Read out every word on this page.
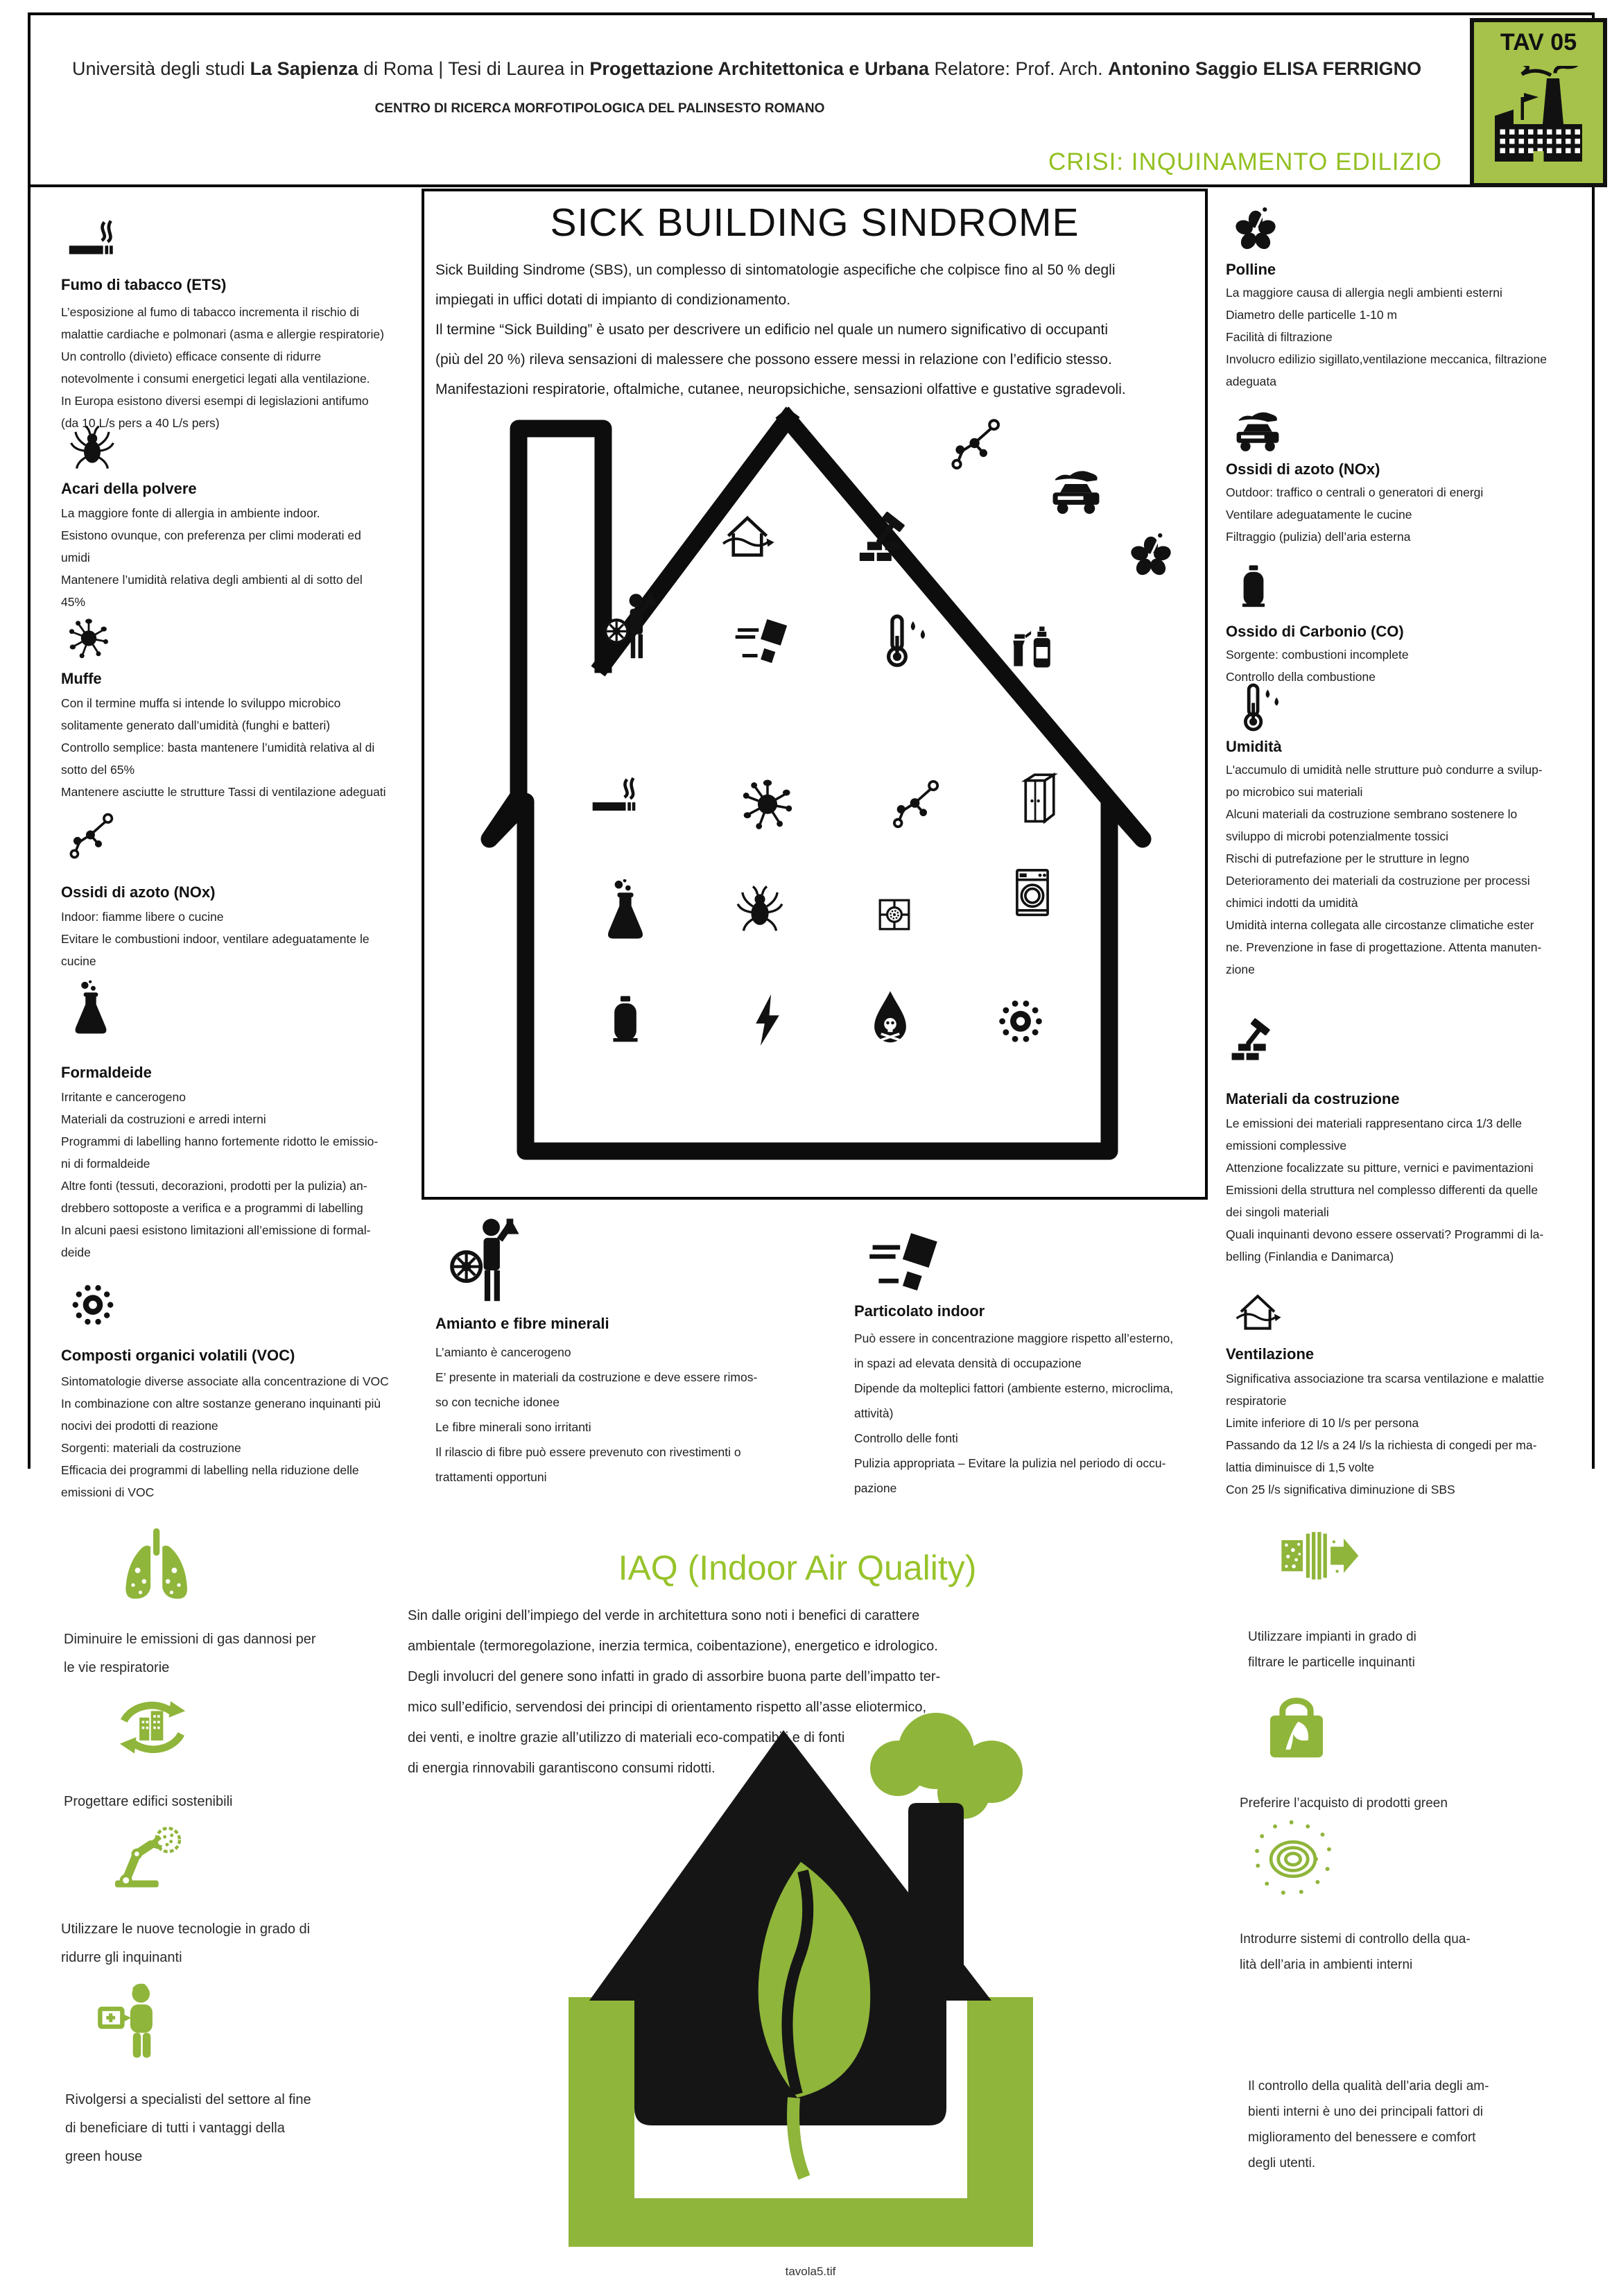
Università degli studi La Sapienza di Roma | Tesi di Laurea in Progettazione Architettonica e Urbana Relatore: Prof. Arch. Antonino Saggio ELISA FERRIGNO
CENTRO DI RICERCA MORFOTIPOLOGICA DEL PALINSESTO ROMANO
CRISI: INQUINAMENTO EDILIZIO
TAV 05
SICK BUILDING SINDROME
Sick Building Sindrome (SBS), un complesso di sintomatologie aspecifiche che colpisce fino al 50 % degli
impiegati in uffici dotati di impianto di condizionamento.
Il termine “Sick Building” è usato per descrivere un edificio nel quale un numero significativo di occupanti
(più del 20 %) rileva sensazioni di malessere che possono essere messi in relazione con l’edificio stesso.
Manifestazioni respiratorie, oftalmiche, cutanee, neuropsichiche, sensazioni olfattive e gustative sgradevoli.
Fumo di tabacco (ETS)
L’esposizione al fumo di tabacco incrementa il rischio di
malattie cardiache e polmonari (asma e allergie respiratorie)
Un controllo (divieto) efficace consente di ridurre
notevolmente i consumi energetici legati alla ventilazione.
In Europa esistono diversi esempi di legislazioni antifumo
(da 10 L/s pers a 40 L/s pers)
Acari della polvere
La maggiore fonte di allergia in ambiente indoor.
Esistono ovunque, con preferenza per climi moderati ed
umidi
Mantenere l’umidità relativa degli ambienti al di sotto del
45%
Muffe
Con il termine muffa si intende lo sviluppo microbico
solitamente generato dall’umidità (funghi e batteri)
Controllo semplice: basta mantenere l’umidità relativa al di
sotto del 65%
Mantenere asciutte le strutture Tassi di ventilazione adeguati
Ossidi di azoto (NOx)
Indoor: fiamme libere o cucine
Evitare le combustioni indoor, ventilare adeguatamente le
cucine
Formaldeide
Irritante e cancerogeno
Materiali da costruzioni e arredi interni
Programmi di labelling hanno fortemente ridotto le emissio-
ni di formaldeide
Altre fonti (tessuti, decorazioni, prodotti per la pulizia) an-
drebbero sottoposte a verifica e a programmi di labelling
In alcuni paesi esistono limitazioni all’emissione di formal-
deide
Composti organici volatili (VOC)
Sintomatologie diverse associate alla concentrazione di VOC
In combinazione con altre sostanze generano inquinanti più
nocivi dei prodotti di reazione
Sorgenti: materiali da costruzione
Efficacia dei programmi di labelling nella riduzione delle
emissioni di VOC
Polline
La maggiore causa di allergia negli ambienti esterni
Diametro delle particelle 1-10 m
Facilità di filtrazione
Involucro edilizio sigillato,ventilazione meccanica, filtrazione
adeguata
Ossidi di azoto (NOx)
Outdoor: traffico o centrali o generatori di energi
Ventilare adeguatamente le cucine
Filtraggio (pulizia) dell’aria esterna
Ossido di Carbonio (CO)
Sorgente: combustioni incomplete
Controllo della combustione
Umidità
L'accumulo di umidità nelle strutture può condurre a svilup-
po microbico sui materiali
Alcuni materiali da costruzione sembrano sostenere lo
sviluppo di microbi potenzialmente tossici
Rischi di putrefazione per le strutture in legno
Deterioramento dei materiali da costruzione per processi
chimici indotti da umidità
Umidità interna collegata alle circostanze climatiche ester
ne. Prevenzione in fase di progettazione. Attenta manuten-
zione
Materiali da costruzione
Le emissioni dei materiali rappresentano circa 1/3 delle
emissioni complessive
Attenzione focalizzate su pitture, vernici e pavimentazioni
Emissioni della struttura nel complesso differenti da quelle
dei singoli materiali
Quali inquinanti devono essere osservati? Programmi di la-
belling (Finlandia e Danimarca)
Ventilazione
Significativa associazione tra scarsa ventilazione e malattie
respiratorie
Limite inferiore di 10 l/s per persona
Passando da 12 l/s a 24 l/s la richiesta di congedi per ma-
lattia diminuisce di 1,5 volte
Con 25 l/s significativa diminuzione di SBS
Amianto e fibre minerali
L’amianto è cancerogeno
E’ presente in materiali da costruzione e deve essere rimos-
so con tecniche idonee
Le fibre minerali sono irritanti
Il rilascio di fibre può essere prevenuto con rivestimenti o
trattamenti opportuni
Particolato indoor
Può essere in concentrazione maggiore rispetto all’esterno,
in spazi ad elevata densità di occupazione
Dipende da molteplici fattori (ambiente esterno, microclima,
attività)
Controllo delle fonti
Pulizia appropriata – Evitare la pulizia nel periodo di occu-
pazione
IAQ (Indoor Air Quality)
Sin dalle origini dell’impiego del verde in architettura sono noti i benefici di carattere
ambientale (termoregolazione, inerzia termica, coibentazione), energetico e idrologico.
Degli involucri del genere sono infatti in grado di assorbire buona parte dell’impatto ter-
mico sull’edificio, servendosi dei principi di orientamento rispetto all’asse eliotermico,
dei venti, e inoltre grazie all’utilizzo di materiali eco-compatibili e di fonti
di energia rinnovabili garantiscono consumi ridotti.
Diminuire le emissioni di gas dannosi per
le vie respiratorie
Progettare edifici sostenibili
Utilizzare le nuove tecnologie in grado di
ridurre gli inquinanti
Rivolgersi a specialisti del settore al fine
di beneficiare di tutti i vantaggi della
green house
Utilizzare impianti in grado di
filtrare le particelle inquinanti
Preferire l’acquisto di prodotti green
Introdurre sistemi di controllo della qua-
lità dell’aria in ambienti interni
Il controllo della qualità dell’aria degli am-
bienti interni è uno dei principali fattori di
miglioramento del benessere e comfort
degli utenti.
tavola5.tif
